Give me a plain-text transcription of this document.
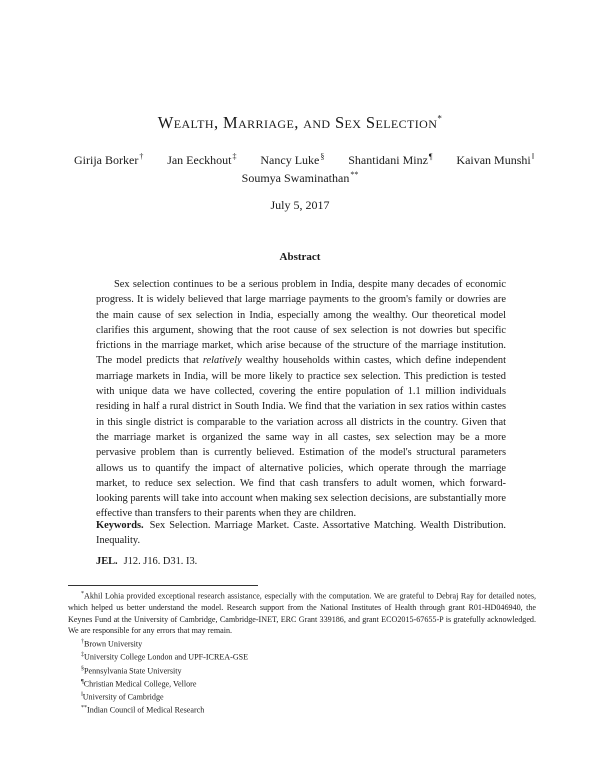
Wealth, Marriage, and Sex Selection*
Girija Borker† Jan Eeckhout‡ Nancy Luke§ Shantidani Minz¶ Kaivan Munshi‖
Soumya Swaminathan**
July 5, 2017
Abstract
Sex selection continues to be a serious problem in India, despite many decades of economic progress. It is widely believed that large marriage payments to the groom's family or dowries are the main cause of sex selection in India, especially among the wealthy. Our theoretical model clarifies this argument, showing that the root cause of sex selection is not dowries but specific frictions in the marriage market, which arise because of the structure of the marriage institution. The model predicts that relatively wealthy households within castes, which define independent marriage markets in India, will be more likely to practice sex selection. This prediction is tested with unique data we have collected, covering the entire population of 1.1 million individuals residing in half a rural district in South India. We find that the variation in sex ratios within castes in this single district is comparable to the variation across all districts in the country. Given that the marriage market is organized the same way in all castes, sex selection may be a more pervasive problem than is currently believed. Estimation of the model's structural parameters allows us to quantify the impact of alternative policies, which operate through the marriage market, to reduce sex selection. We find that cash transfers to adult women, which forward-looking parents will take into account when making sex selection decisions, are substantially more effective than transfers to their parents when they are children.
Keywords. Sex Selection. Marriage Market. Caste. Assortative Matching. Wealth Distribution. Inequality.
JEL. J12. J16. D31. I3.

*Akhil Lohia provided exceptional research assistance, especially with the computation. We are grateful to Debraj Ray for detailed notes, which helped us better understand the model. Research support from the National Institutes of Health through grant R01-HD046940, the Keynes Fund at the University of Cambridge, Cambridge-INET, ERC Grant 339186, and grant ECO2015-67655-P is gratefully acknowledged. We are responsible for any errors that may remain.

†Brown University
‡University College London and UPF-ICREA-GSE
§Pennsylvania State University
¶Christian Medical College, Vellore
‖University of Cambridge
**Indian Council of Medical Research
